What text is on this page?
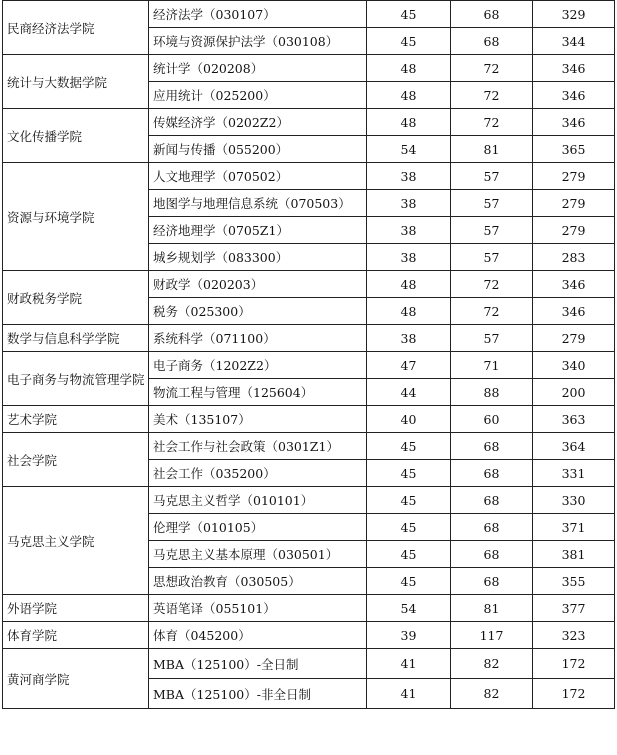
民商经济法学院	经济法学（030107）	45	68	329
	环境与资源保护法学（030108）	45	68	344
统计与大数据学院	统计学（020208）	48	72	346
	应用统计（025200）	48	72	346
文化传播学院	传媒经济学（0202Z2）	48	72	346
	新闻与传播（055200）	54	81	365
资源与环境学院	人文地理学（070502）	38	57	279
	地图学与地理信息系统（070503）	38	57	279
	经济地理学（0705Z1）	38	57	279
	城乡规划学（083300）	38	57	283
财政税务学院	财政学（020203）	48	72	346
	税务（025300）	48	72	346
数学与信息科学学院	系统科学（071100）	38	57	279
电子商务与物流管理学院	电子商务（1202Z2）	47	71	340
	物流工程与管理（125604）	44	88	200
艺术学院	美术（135107）	40	60	363
社会学院	社会工作与社会政策（0301Z1）	45	68	364
	社会工作（035200）	45	68	331
马克思主义学院	马克思主义哲学（010101）	45	68	330
	伦理学（010105）	45	68	371
	马克思主义基本原理（030501）	45	68	381
	思想政治教育（030505）	45	68	355
外语学院	英语笔译（055101）	54	81	377
体育学院	体育（045200）	39	117	323
黄河商学院	MBA（125100）-全日制	41	82	172
	MBA（125100）-非全日制	41	82	172
